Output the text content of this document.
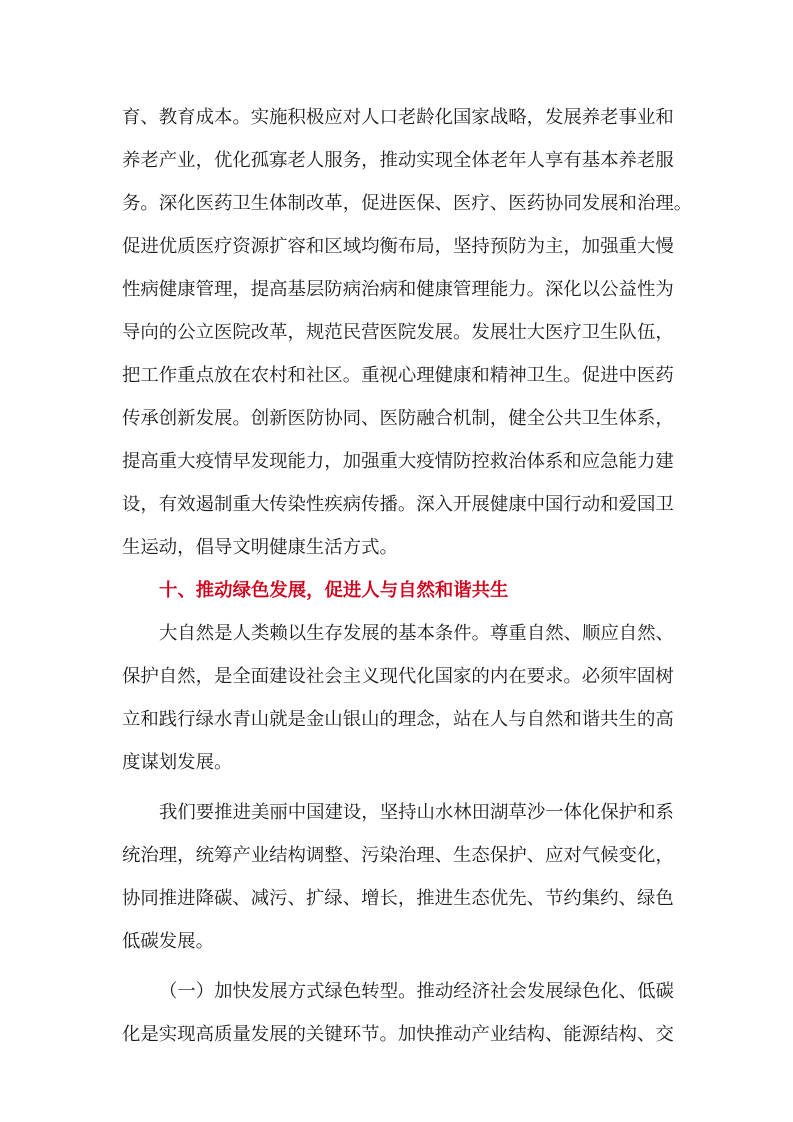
育、教育成本。实施积极应对人口老龄化国家战略，发展养老事业和
养老产业，优化孤寡老人服务，推动实现全体老年人享有基本养老服
务。深化医药卫生体制改革，促进医保、医疗、医药协同发展和治理。
促进优质医疗资源扩容和区域均衡布局，坚持预防为主，加强重大慢
性病健康管理，提高基层防病治病和健康管理能力。深化以公益性为
导向的公立医院改革，规范民营医院发展。发展壮大医疗卫生队伍，
把工作重点放在农村和社区。重视心理健康和精神卫生。促进中医药
传承创新发展。创新医防协同、医防融合机制，健全公共卫生体系，
提高重大疫情早发现能力，加强重大疫情防控救治体系和应急能力建
设，有效遏制重大传染性疾病传播。深入开展健康中国行动和爱国卫
生运动，倡导文明健康生活方式。
十、推动绿色发展，促进人与自然和谐共生
大自然是人类赖以生存发展的基本条件。尊重自然、顺应自然、
保护自然，是全面建设社会主义现代化国家的内在要求。必须牢固树
立和践行绿水青山就是金山银山的理念，站在人与自然和谐共生的高
度谋划发展。
我们要推进美丽中国建设，坚持山水林田湖草沙一体化保护和系
统治理，统筹产业结构调整、污染治理、生态保护、应对气候变化，
协同推进降碳、减污、扩绿、增长，推进生态优先、节约集约、绿色
低碳发展。
（一）加快发展方式绿色转型。推动经济社会发展绿色化、低碳
化是实现高质量发展的关键环节。加快推动产业结构、能源结构、交
